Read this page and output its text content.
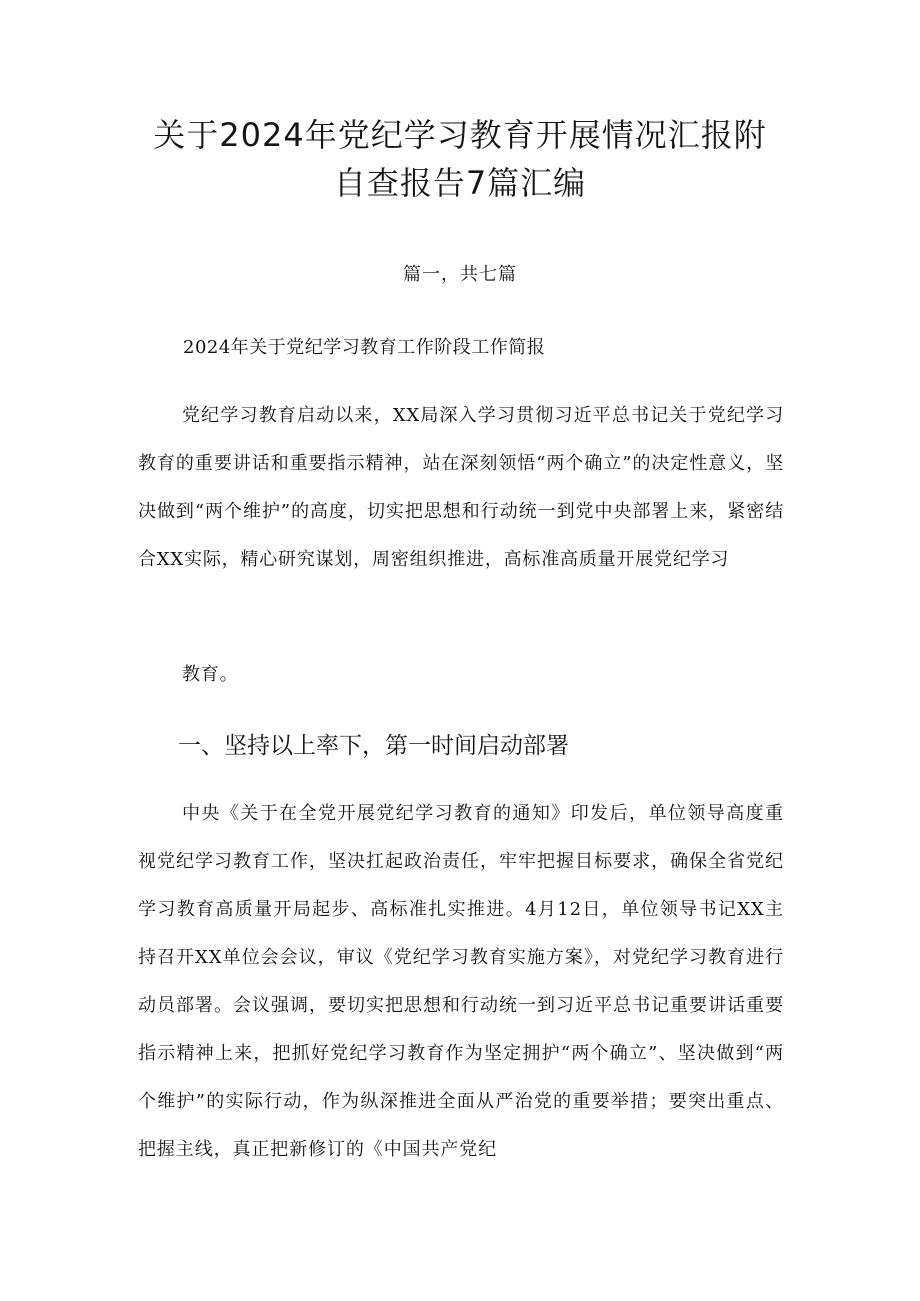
关于2024年党纪学习教育开展情况汇报附
自查报告7篇汇编

篇一，共七篇

2024年关于党纪学习教育工作阶段工作简报

党纪学习教育启动以来，XX局深入学习贯彻习近平总书记关于党纪学习教育的重要讲话和重要指示精神，站在深刻领悟“两个确立”的决定性意义，坚决做到“两个维护”的高度，切实把思想和行动统一到党中央部署上来，紧密结合XX实际，精心研究谋划，周密组织推进，高标准高质量开展党纪学习

教育。

一、坚持以上率下，第一时间启动部署

中央《关于在全党开展党纪学习教育的通知》印发后，单位领导高度重视党纪学习教育工作，坚决扛起政治责任，牢牢把握目标要求，确保全省党纪学习教育高质量开局起步、高标准扎实推进。4月12日，单位领导书记XX主持召开XX单位会会议，审议《党纪学习教育实施方案》，对党纪学习教育进行动员部署。会议强调，要切实把思想和行动统一到习近平总书记重要讲话重要指示精神上来，把抓好党纪学习教育作为坚定拥护“两个确立”、坚决做到“两个维护”的实际行动，作为纵深推进全面从严治党的重要举措；要突出重点、把握主线，真正把新修订的《中国共产党纪
